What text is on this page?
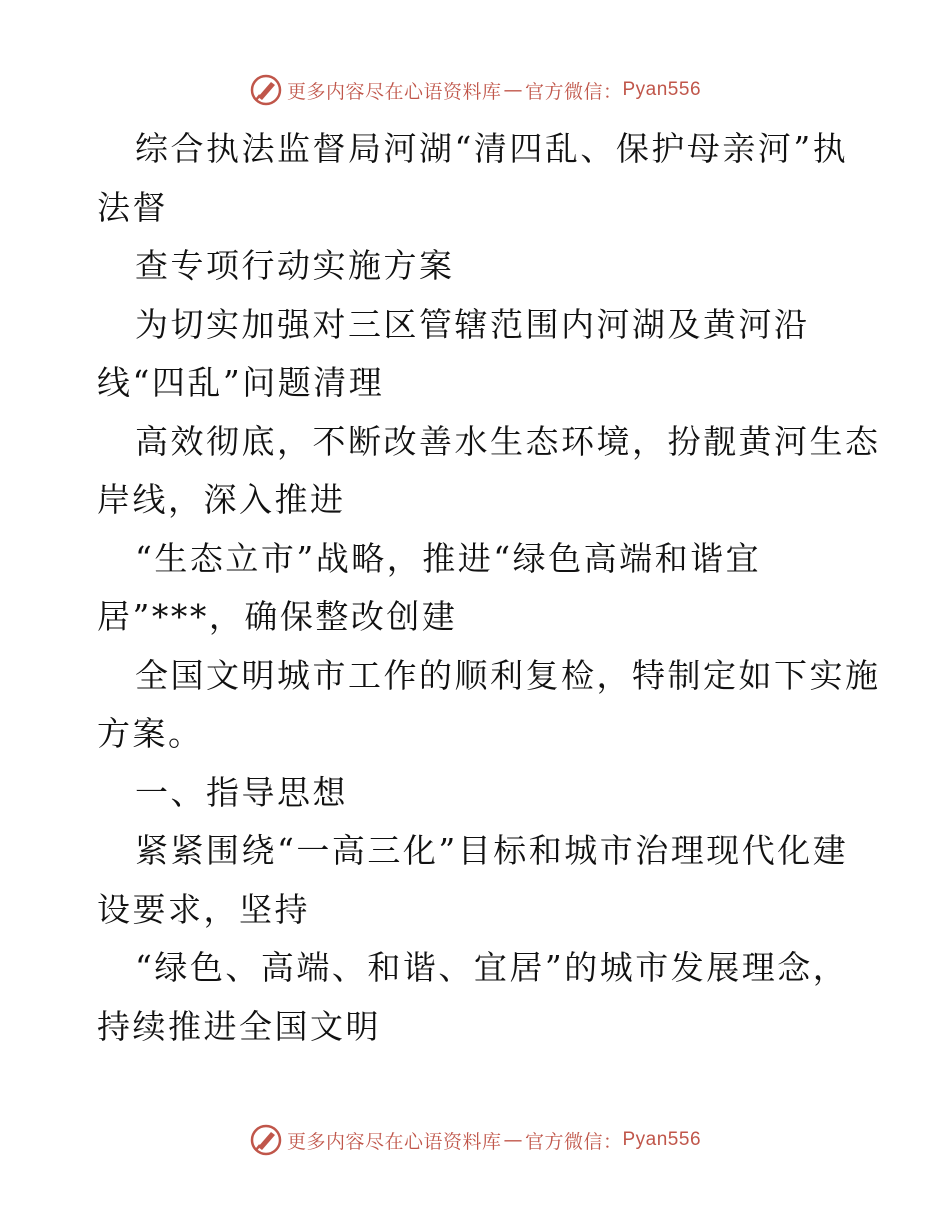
更多内容尽在心语资料库 — 官方微信： Pyan556
综合执法监督局河湖“清四乱、保护母亲河”执
法督
查专项行动实施方案
为切实加强对三区管辖范围内河湖及黄河沿
线“四乱”问题清理
高效彻底，不断改善水生态环境，扮靓黄河生态
岸线，深入推进
“生态立市”战略，推进“绿色高端和谐宜
居”***，确保整改创建
全国文明城市工作的顺利复检，特制定如下实施
方案。
一、指导思想
紧紧围绕“一高三化”目标和城市治理现代化建
设要求，坚持
“绿色、高端、和谐、宜居”的城市发展理念，
持续推进全国文明
更多内容尽在心语资料库 — 官方微信： Pyan556
